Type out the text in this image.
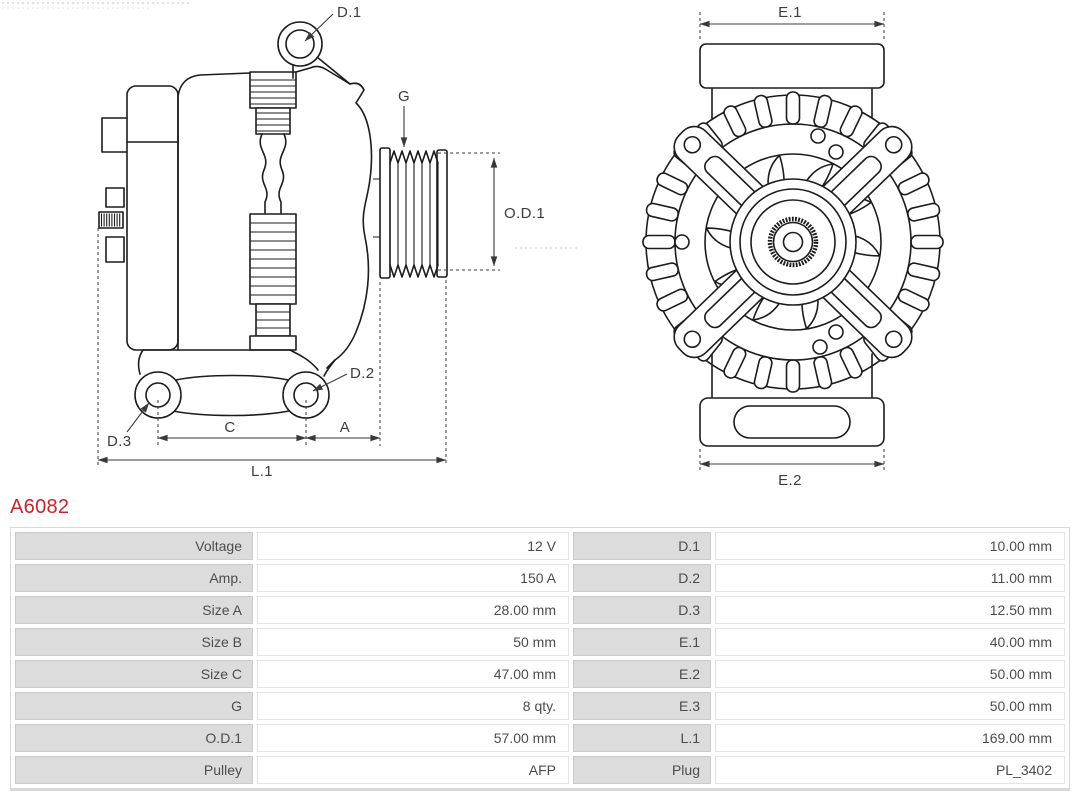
D.1
G
O.D.1
D.2
D.3
C	A
L.1
E.1
E.2
A6082
Voltage	12 V	D.1	10.00 mm
Amp.	150 A	D.2	11.00 mm
Size A	28.00 mm	D.3	12.50 mm
Size B	50 mm	E.1	40.00 mm
Size C	47.00 mm	E.2	50.00 mm
G	8 qty.	E.3	50.00 mm
O.D.1	57.00 mm	L.1	169.00 mm
Pulley	AFP	Plug	PL_3402
